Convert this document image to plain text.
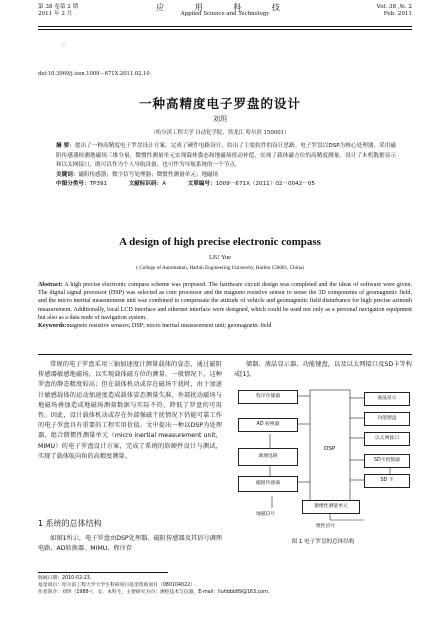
✕
第 38 卷第 2 期
2011 年 2 月
应 用 科 技
Applied Science and Technology
Vol. 38 ,№. 2
Feb. 2011
doi:10.3969/j.issn.1009－671X.2011.02.10
一种高精度电子罗盘的设计
刘玥
（哈尔滨工程大学 自动化学院，黑龙江 哈尔滨 150001）
摘 要：提出了一种高精度电子罗盘设计方案，完成了硬件电路设计，给出了主要软件的设计思路。电子罗盘以DSP为核心处理器，采用磁阻传感器检测地磁场三维分量，微惯性测量单元实现载体姿态和地磁场扰动补偿，实现了载体磁方位的高精度测量。设计了本机数据显示和以太网接口，既可以作为个人导航设备，也可作为导航系统的一个节点。
关键词：磁阻传感器；数字信号处理器；微惯性测量单元；地磁场
中图分类号：TP391	文献标识码：A	文章编号：1009－671X（2011）02－0042－05
A design of high precise electronic compass
LIU Yue
( College of Automation, Harbin Engineering University, Harbin 150001, China)
Abstract: A high precise electronic compass scheme was proposed. The hardware circuit design was completed and the ideas of software were given. The digital signal processor (DSP) was selected as core processor and the magneto resistive sensor to sense the 3D components of geomagnetic field, and the micro inertial measurement unit was combined to compensate the attitude of vehicle and geomagnetic field disturbance for high precise azimuth measurement. Additionally, local LCD interface and ethernet interface were designed, which could be used not only as a personal navigation equipment but also as a data node of navigation system.
Keywords:magneto resistive sensors; DSP; micro inertial measurement unit; geomagnetic field

常规的电子罗盘采用三轴加速度计测量载体的姿态，通过磁阻传感器敏感地磁场，以实现载体磁方位的测量。一般情况下，这种罗盘的静态精度较高；但在载体机动或存在磁场干扰时，由于加速计敏感载体的运动加速度造成载体姿态测量失准，外部扰动磁场与地磁场叠加造成地磁场测量数据与实际不符，降低了罗盘的可用性。因此，设计载体机动或存在外部强磁干扰情况下仍能可靠工作的电子罗盘具有重要的工程实用价值。文中提出一种以DSP为处理器，组合微惯性测量单元（micro inertial measurement unit，MIMU）的电子罗盘设计方案，完成了系统的软硬件设计与测试，实现了载体航向角的高精度测量。

1 系统的总体结构

如图1所示，电子罗盘由DSP处理器、磁阻传感器及其信号调理电路、AD转换器、MIMU、程序存

储器、液晶显示器、功能键盘，以及以太网接口及SD卡等构成[1]。

程序存储器
AD 转换器
调理电路
磁阻传感器
地磁信号
DSP
液晶显示
功能键盘
以太网接口
SD卡控制器
SD 卡
微惯性测量单元
惯性信号
图 1 电子罗盘的总体结构
收稿日期：2010-02-23.
基金项目：哈尔滨工程大学大学生科研项目基金资助项目（080104022）.
作者简介：刘玥（1988-），女，本科生，主要研究方向：测控技术与仪器，E-mail：liuhbbb89@163.com.
